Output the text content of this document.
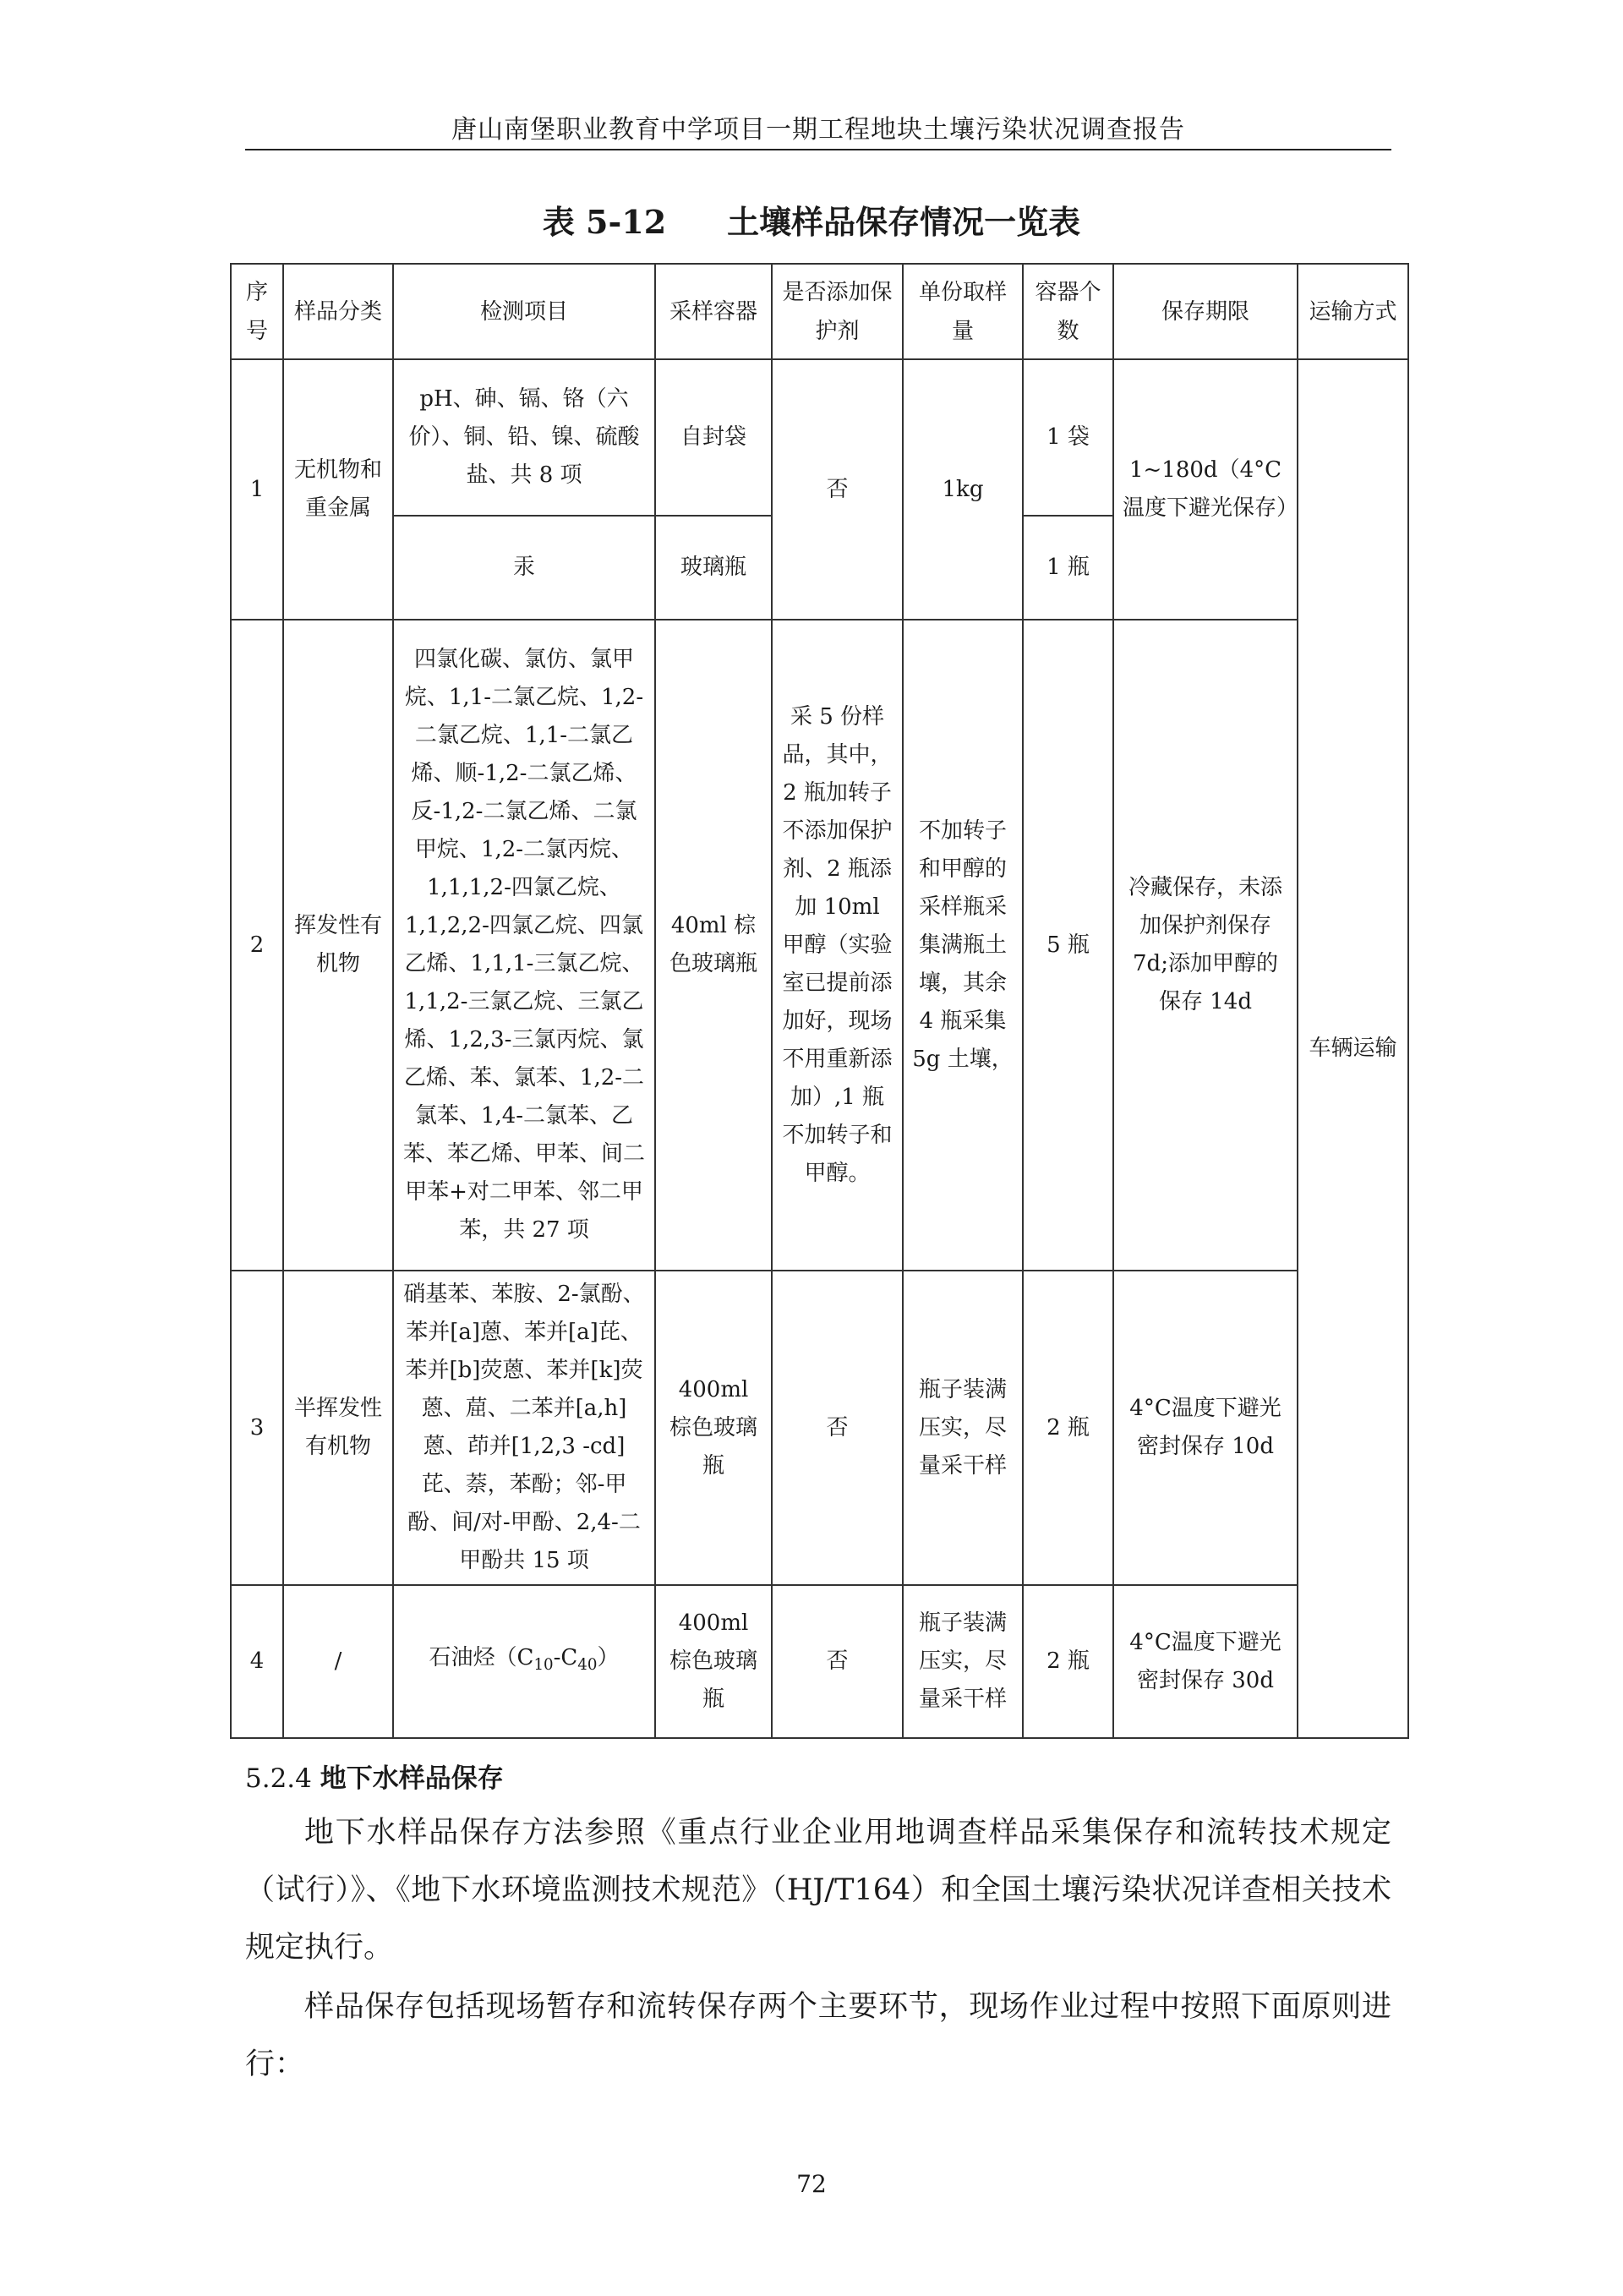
唐山南堡职业教育中学项目一期工程地块土壤污染状况调查报告
表 5-12 土壤样品保存情况一览表
序号	样品分类	检测项目	采样容器	是否添加保护剂	单份取样量	容器个数	保存期限	运输方式
1	无机物和重金属	pH、砷、镉、铬（六价）、铜、铅、镍、硫酸盐、共 8 项	自封袋	否	1kg	1 袋	1~180d（4°C温度下避光保存）	车辆运输
		汞	玻璃瓶			1 瓶		
2	挥发性有机物	四氯化碳、氯仿、氯甲烷、1,1-二氯乙烷、1,2-二氯乙烷、1,1-二氯乙烯、顺-1,2-二氯乙烯、反-1,2-二氯乙烯、二氯甲烷、1,2-二氯丙烷、1,1,1,2-四氯乙烷、1,1,2,2-四氯乙烷、四氯乙烯、1,1,1-三氯乙烷、1,1,2-三氯乙烷、三氯乙烯、1,2,3-三氯丙烷、氯乙烯、苯、氯苯、1,2-二氯苯、1,4-二氯苯、乙苯、苯乙烯、甲苯、间二甲苯+对二甲苯、邻二甲苯，共 27 项	40ml 棕色玻璃瓶	采 5 份样品，其中，2 瓶加转子不添加保护剂、2 瓶添加 10ml 甲醇（实验室已提前添加好，现场不用重新添加）,1 瓶不加转子和甲醇。	不加转子和甲醇的采样瓶采集满瓶土壤，其余 4 瓶采集 5g 土壤，	5 瓶	冷藏保存，未添加保护剂保存 7d;添加甲醇的保存 14d	
3	半挥发性有机物	硝基苯、苯胺、2-氯酚、苯并[a]蒽、苯并[a]芘、苯并[b]荧蒽、苯并[k]荧蒽、䓛、二苯并[a,h]蒽、茚并[1,2,3 -cd]芘、萘，苯酚；邻-甲酚、间/对-甲酚、2,4-二甲酚共 15 项	400ml 棕色玻璃瓶	否	瓶子装满压实，尽量采干样	2 瓶	4°C温度下避光密封保存 10d	
4	/	石油烃$(C_{10}-C_{40})$	400ml 棕色玻璃瓶	否	瓶子装满压实，尽量采干样	2 瓶	4°C温度下避光密封保存 30d	
5.2.4 地下水样品保存

地下水样品保存方法参照《重点行业企业用地调查样品采集保存和流转技术规定（试行）》、《地下水环境监测技术规范》（HJ/T164）和全国土壤污染状况详查相关技术规定执行。

样品保存包括现场暂存和流转保存两个主要环节，现场作业过程中按照下面原则进行：

72
